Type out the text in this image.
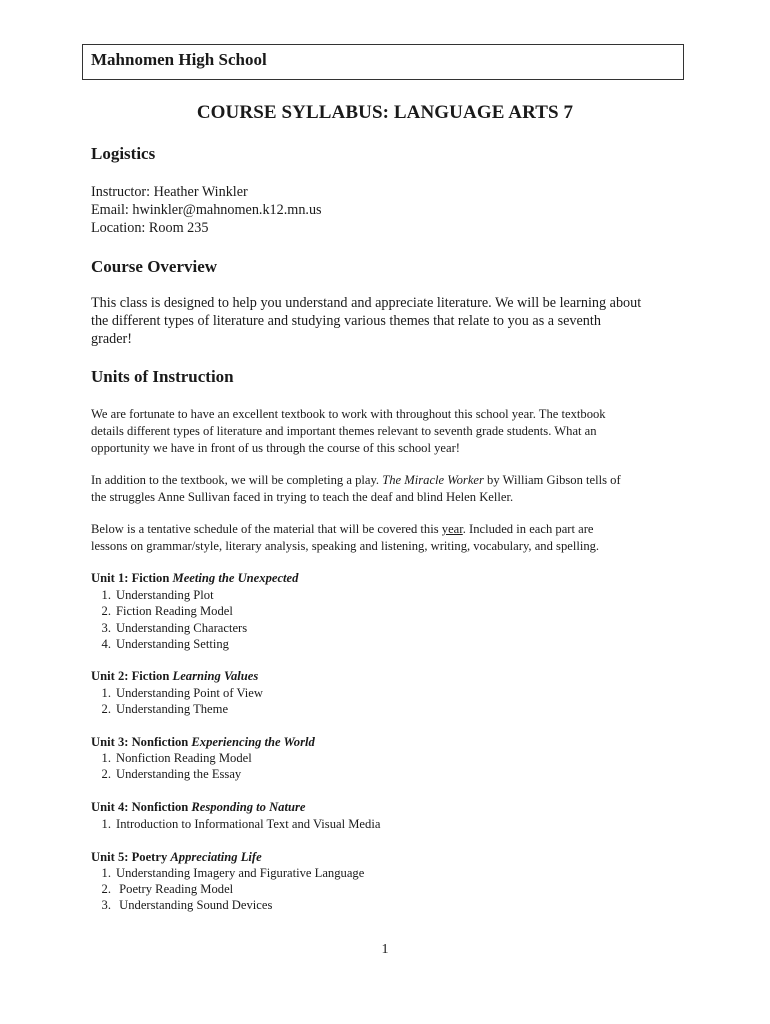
Mahnomen High School
COURSE SYLLABUS: LANGUAGE ARTS 7
Logistics
Instructor: Heather Winkler
Email: hwinkler@mahnomen.k12.mn.us
Location: Room 235
Course Overview
This class is designed to help you understand and appreciate literature. We will be learning about
the different types of literature and studying various themes that relate to you as a seventh
grader!
Units of Instruction
We are fortunate to have an excellent textbook to work with throughout this school year. The textbook
details different types of literature and important themes relevant to seventh grade students. What an
opportunity we have in front of us through the course of this school year!
In addition to the textbook, we will be completing a play. The Miracle Worker by William Gibson tells of
the struggles Anne Sullivan faced in trying to teach the deaf and blind Helen Keller.
Below is a tentative schedule of the material that will be covered this year. Included in each part are
lessons on grammar/style, literary analysis, speaking and listening, writing, vocabulary, and spelling.
Unit 1: Fiction Meeting the Unexpected
1. Understanding Plot
2. Fiction Reading Model
3. Understanding Characters
4. Understanding Setting
Unit 2: Fiction Learning Values
1. Understanding Point of View
2. Understanding Theme
Unit 3: Nonfiction Experiencing the World
1. Nonfiction Reading Model
2. Understanding the Essay
Unit 4: Nonfiction Responding to Nature
1. Introduction to Informational Text and Visual Media
Unit 5: Poetry Appreciating Life
1. Understanding Imagery and Figurative Language
2. Poetry Reading Model
3. Understanding Sound Devices
1
